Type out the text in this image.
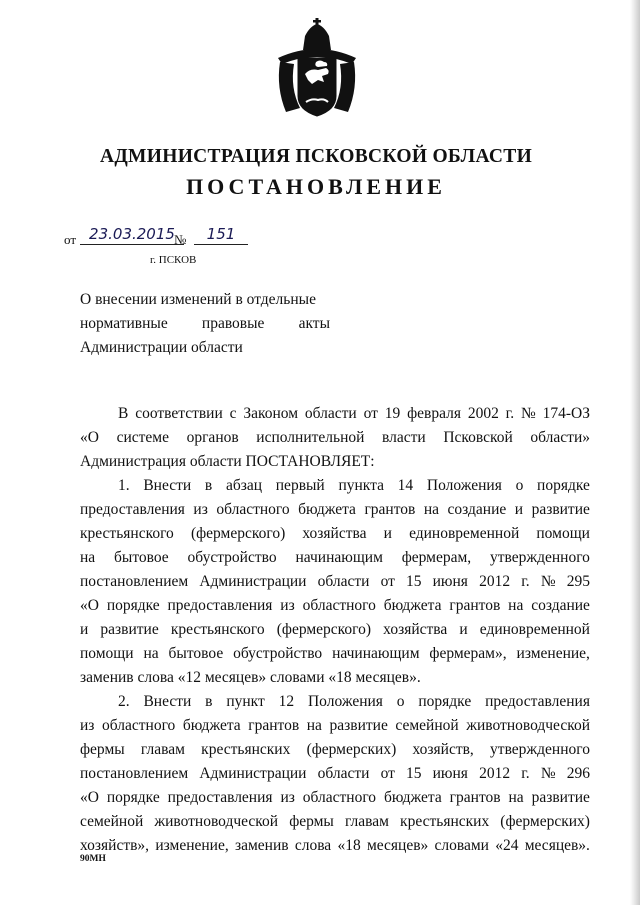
АДМИНИСТРАЦИЯ ПСКОВСКОЙ ОБЛАСТИ
ПОСТАНОВЛЕНИЕ
от 23.03.2015 №	151
г. ПСКОВ
О внесении изменений в отдельные
нормативные правовые акты
Администрации области
В соответствии с Законом области от 19 февраля 2002 г. № 174-ОЗ
«О системе органов исполнительной власти Псковской области»
Администрация области ПОСТАНОВЛЯЕТ:
1. Внести в абзац первый пункта 14 Положения о порядке
предоставления из областного бюджета грантов на создание и развитие
крестьянского (фермерского) хозяйства и единовременной помощи
на бытовое обустройство начинающим фермерам, утвержденного
постановлением Администрации области от 15 июня 2012 г. № 295
«О порядке предоставления из областного бюджета грантов на создание
и развитие крестьянского (фермерского) хозяйства и единовременной
помощи на бытовое обустройство начинающим фермерам», изменение,
заменив слова «12 месяцев» словами «18 месяцев».
2. Внести в пункт 12 Положения о порядке предоставления
из областного бюджета грантов на развитие семейной животноводческой
фермы главам крестьянских (фермерских) хозяйств, утвержденного
постановлением Администрации области от 15 июня 2012 г. № 296
«О порядке предоставления из областного бюджета грантов на развитие
семейной животноводческой фермы главам крестьянских (фермерских)
хозяйств», изменение, заменив слова «18 месяцев» словами «24 месяцев».
90МН
